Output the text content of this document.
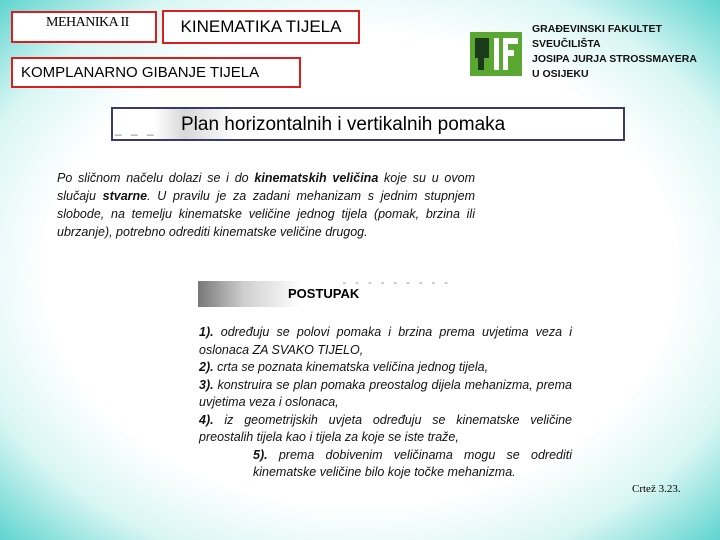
MEHANIKA II	KINEMATIKA TIJELA
KOMPLANARNO GIBANJE TIJELA
GRAĐEVINSKI FAKULTET
SVEUČILIŠTA
JOSIPA JURJA STROSSMAYERA
U OSIJEKU
_ _ _ Plan horizontalnih i vertikalnih pomaka
Po sličnom načelu dolazi se i do kinematskih veličina koje su u ovom slučaju stvarne. U pravilu je za zadani mehanizam s jednim stupnjem slobode, na temelju kinematske veličine jednog tijela (pomak, brzina ili ubrzanje), potrebno odrediti kinematske veličine drugog.
- - - - - - - - -
POSTUPAK
1). određuju se polovi pomaka i brzina prema uvjetima veza i oslonaca ZA SVAKO TIJELO,
2). crta se poznata kinematska veličina jednog tijela,
3). konstruira se plan pomaka preostalog dijela mehanizma, prema uvjetima veza i oslonaca,
4). iz geometrijskih uvjeta određuju se kinematske veličine preostalih tijela kao i tijela za koje se iste traže,
5). prema dobivenim veličinama mogu se odrediti kinematske veličine bilo koje točke mehanizma.
Crtež 3.23.
